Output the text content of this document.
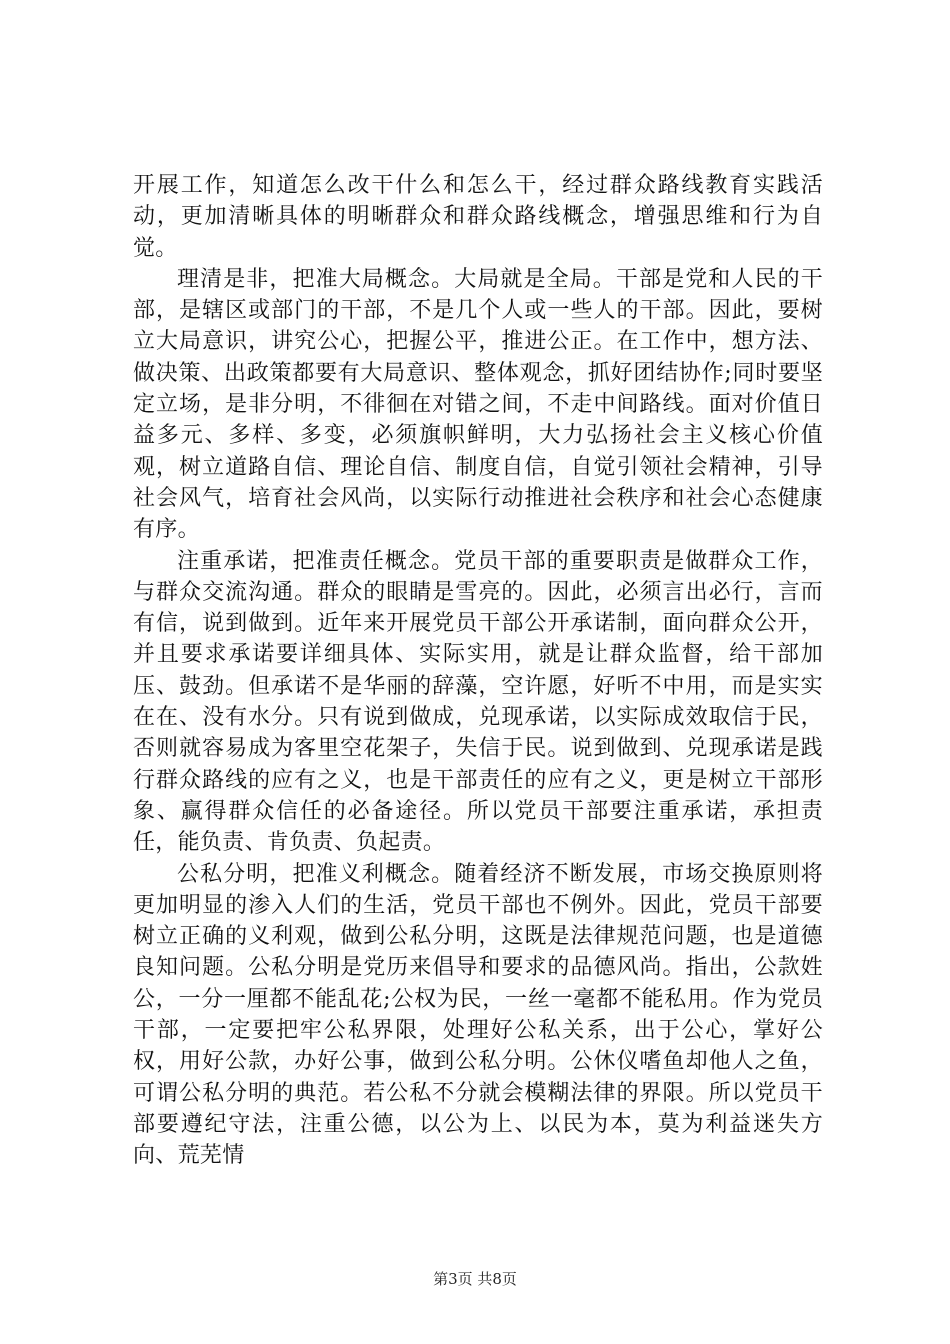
开展工作，知道怎么改干什么和怎么干，经过群众路线教育实践活动，更加清晰具体的明晰群众和群众路线概念，增强思维和行为自觉。

理清是非，把准大局概念。大局就是全局。干部是党和人民的干部，是辖区或部门的干部，不是几个人或一些人的干部。因此，要树立大局意识，讲究公心，把握公平，推进公正。在工作中，想方法、做决策、出政策都要有大局意识、整体观念，抓好团结协作;同时要坚定立场，是非分明，不徘徊在对错之间，不走中间路线。面对价值日益多元、多样、多变，必须旗帜鲜明，大力弘扬社会主义核心价值观，树立道路自信、理论自信、制度自信，自觉引领社会精神，引导社会风气，培育社会风尚，以实际行动推进社会秩序和社会心态健康有序。

注重承诺，把准责任概念。党员干部的重要职责是做群众工作，与群众交流沟通。群众的眼睛是雪亮的。因此，必须言出必行，言而有信，说到做到。近年来开展党员干部公开承诺制，面向群众公开，并且要求承诺要详细具体、实际实用，就是让群众监督，给干部加压、鼓劲。但承诺不是华丽的辞藻，空许愿，好听不中用，而是实实在在、没有水分。只有说到做成，兑现承诺，以实际成效取信于民，否则就容易成为客里空花架子，失信于民。说到做到、兑现承诺是践行群众路线的应有之义，也是干部责任的应有之义，更是树立干部形象、赢得群众信任的必备途径。所以党员干部要注重承诺，承担责任，能负责、肯负责、负起责。

公私分明，把准义利概念。随着经济不断发展，市场交换原则将更加明显的渗入人们的生活，党员干部也不例外。因此，党员干部要树立正确的义利观，做到公私分明，这既是法律规范问题，也是道德良知问题。公私分明是党历来倡导和要求的品德风尚。指出，公款姓公，一分一厘都不能乱花;公权为民，一丝一毫都不能私用。作为党员干部，一定要把牢公私界限，处理好公私关系，出于公心，掌好公权，用好公款，办好公事，做到公私分明。公休仪嗜鱼却他人之鱼，可谓公私分明的典范。若公私不分就会模糊法律的界限。所以党员干部要遵纪守法，注重公德，以公为上、以民为本，莫为利益迷失方向、荒芜情

第3页 共8页
